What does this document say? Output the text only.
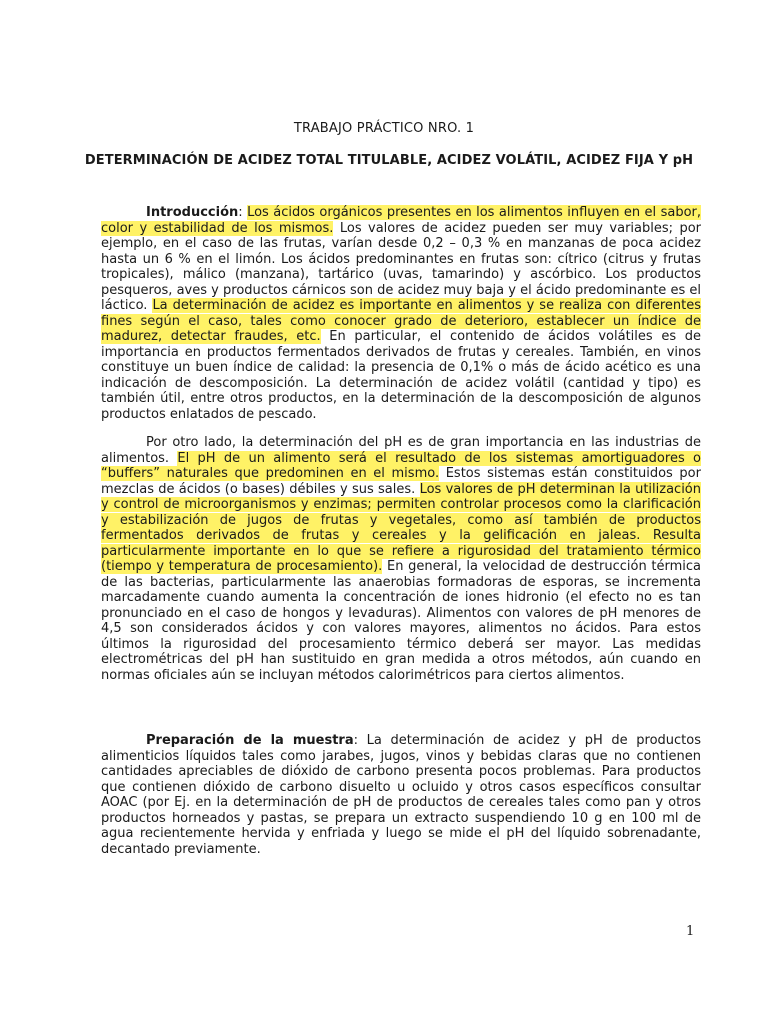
TRABAJO PRÁCTICO NRO. 1
DETERMINACIÓN DE ACIDEZ TOTAL TITULABLE, ACIDEZ VOLÁTIL, ACIDEZ FIJA Y pH

Introducción: Los ácidos orgánicos presentes en los alimentos influyen en el sabor, color y estabilidad de los mismos. Los valores de acidez pueden ser muy variables; por ejemplo, en el caso de las frutas, varían desde 0,2 – 0,3 % en manzanas de poca acidez hasta un 6 % en el limón. Los ácidos predominantes en frutas son: cítrico (citrus y frutas tropicales), málico (manzana), tartárico (uvas, tamarindo) y ascórbico. Los productos pesqueros, aves y productos cárnicos son de acidez muy baja y el ácido predominante es el láctico. La determinación de acidez es importante en alimentos y se realiza con diferentes fines según el caso, tales como conocer grado de deterioro, establecer un índice de madurez, detectar fraudes, etc. En particular, el contenido de ácidos volátiles es de importancia en productos fermentados derivados de frutas y cereales. También, en vinos constituye un buen índice de calidad: la presencia de 0,1% o más de ácido acético es una indicación de descomposición. La determinación de acidez volátil (cantidad y tipo) es también útil, entre otros productos, en la determinación de la descomposición de algunos productos enlatados de pescado.

Por otro lado, la determinación del pH es de gran importancia en las industrias de alimentos. El pH de un alimento será el resultado de los sistemas amortiguadores o “buffers” naturales que predominen en el mismo. Estos sistemas están constituidos por mezclas de ácidos (o bases) débiles y sus sales. Los valores de pH determinan la utilización y control de microorganismos y enzimas; permiten controlar procesos como la clarificación y estabilización de jugos de frutas y vegetales, como así también de productos fermentados derivados de frutas y cereales y la gelificación en jaleas. Resulta particularmente importante en lo que se refiere a rigurosidad del tratamiento térmico (tiempo y temperatura de procesamiento). En general, la velocidad de destrucción térmica de las bacterias, particularmente las anaerobias formadoras de esporas, se incrementa marcadamente cuando aumenta la concentración de iones hidronio (el efecto no es tan pronunciado en el caso de hongos y levaduras). Alimentos con valores de pH menores de 4,5 son considerados ácidos y con valores mayores, alimentos no ácidos. Para estos últimos la rigurosidad del procesamiento térmico deberá ser mayor. Las medidas electrométricas del pH han sustituido en gran medida a otros métodos, aún cuando en normas oficiales aún se incluyan métodos calorimétricos para ciertos alimentos.

Preparación de la muestra: La determinación de acidez y pH de productos alimenticios líquidos tales como jarabes, jugos, vinos y bebidas claras que no contienen cantidades apreciables de dióxido de carbono presenta pocos problemas. Para productos que contienen dióxido de carbono disuelto u ocluido y otros casos específicos consultar AOAC (por Ej. en la determinación de pH de productos de cereales tales como pan y otros productos horneados y pastas, se prepara un extracto suspendiendo 10 g en 100 ml de agua recientemente hervida y enfriada y luego se mide el pH del líquido sobrenadante, decantado previamente.

1
